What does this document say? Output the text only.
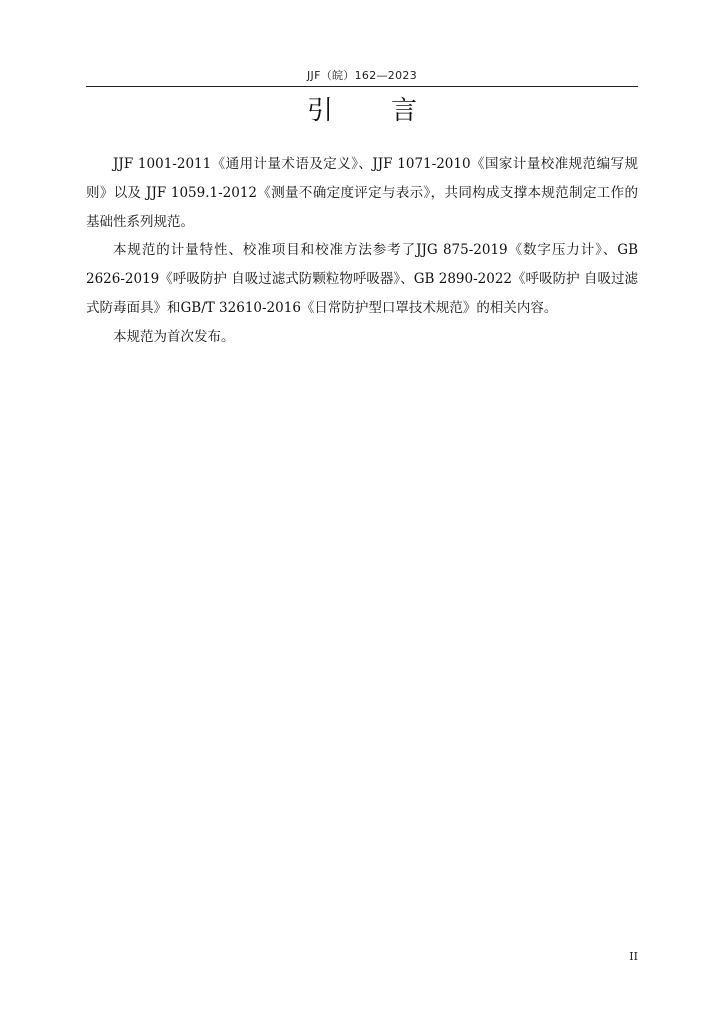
JJF（皖）162—2023
引 言

JJF 1001-2011《通用计量术语及定义》、JJF 1071-2010《国家计量校准规范编写规则》以及 JJF 1059.1-2012《测量不确定度评定与表示》，共同构成支撑本规范制定工作的基础性系列规范。

本规范的计量特性、校准项目和校准方法参考了JJG 875-2019《数字压力计》、GB 2626-2019《呼吸防护 自吸过滤式防颗粒物呼吸器》、GB 2890-2022《呼吸防护 自吸过滤式防毒面具》和GB/T 32610-2016《日常防护型口罩技术规范》的相关内容。

本规范为首次发布。

II
